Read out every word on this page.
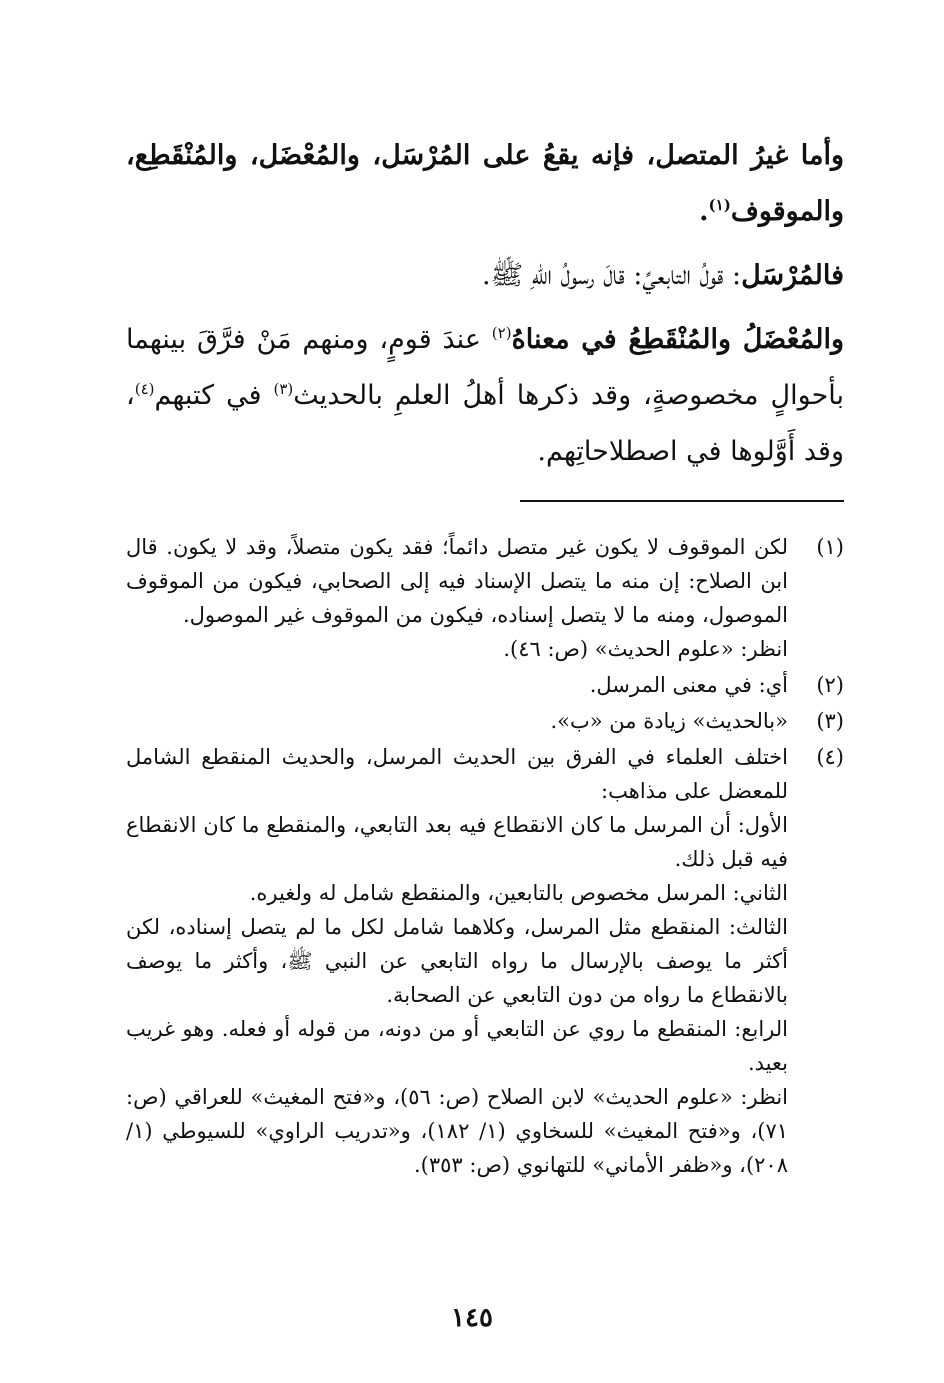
وأما غيرُ المتصل، فإنه يقعُ على المُرْسَل، والمُعْضَل، والمُنْقَطِع، والموقوف$^{(١)}$.

فالمُرْسَل: قولُ التابعيِّ: قالَ رسولُ اللهِ ﷺ.

والمُعْضَلُ والمُنْقَطِعُ في معناهُ$^{(٢)}$ عندَ قومٍ، ومنهم مَنْ فرَّقَ بينهما بأحوالٍ مخصوصةٍ، وقد ذكرها أهلُ العلمِ بالحديث$^{(٣)}$ في كتبهم$^{(٤)}$، وقد أَوَّلوها في اصطلاحاتِهم.

(١)
لكن الموقوف لا يكون غير متصل دائماً؛ فقد يكون متصلاً، وقد لا يكون. قال ابن الصلاح: إن منه ما يتصل الإسناد فيه إلى الصحابي، فيكون من الموقوف الموصول، ومنه ما لا يتصل إسناده، فيكون من الموقوف غير الموصول.
انظر: «علوم الحديث» (ص: ٤٦).
(٢)
أي: في معنى المرسل.
(٣)
«بالحديث» زيادة من «ب».
(٤)
اختلف العلماء في الفرق بين الحديث المرسل، والحديث المنقطع الشامل للمعضل على مذاهب:
الأول: أن المرسل ما كان الانقطاع فيه بعد التابعي، والمنقطع ما كان الانقطاع فيه قبل ذلك.
الثاني: المرسل مخصوص بالتابعين، والمنقطع شامل له ولغيره.
الثالث: المنقطع مثل المرسل، وكلاهما شامل لكل ما لم يتصل إسناده، لكن أكثر ما يوصف بالإرسال ما رواه التابعي عن النبي ﷺ، وأكثر ما يوصف بالانقطاع ما رواه من دون التابعي عن الصحابة.
الرابع: المنقطع ما روي عن التابعي أو من دونه، من قوله أو فعله. وهو غريب بعيد.
انظر: «علوم الحديث» لابن الصلاح (ص: ٥٦)، و«فتح المغيث» للعراقي (ص: ٧١)، و«فتح المغيث» للسخاوي (١/ ١٨٢)، و«تدريب الراوي» للسيوطي (١/ ٢٠٨)، و«ظفر الأماني» للتهانوي (ص: ٣٥٣).
١٤٥
